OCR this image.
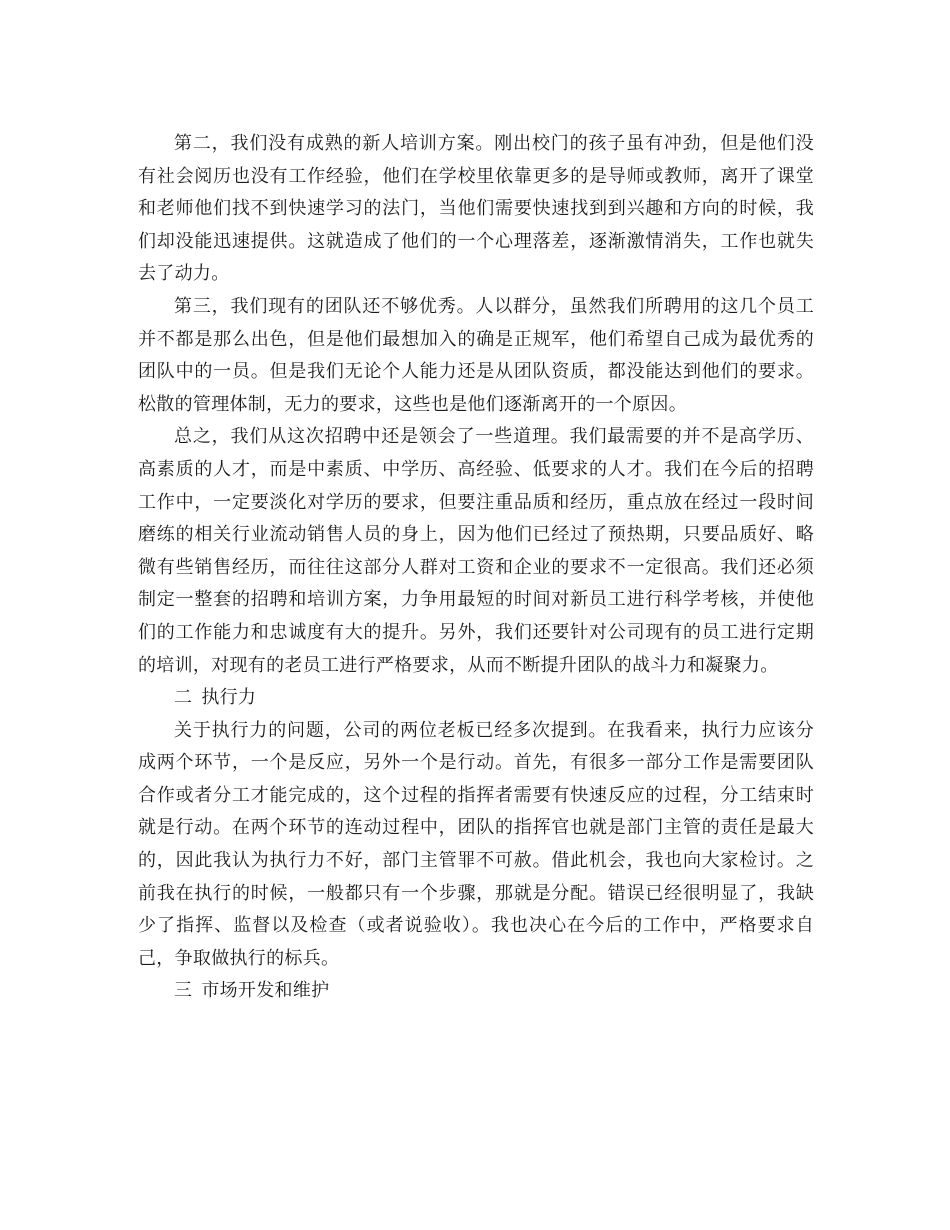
第二，我们没有成熟的新人培训方案。刚出校门的孩子虽有冲劲，但是他们没有社会阅历也没有工作经验，他们在学校里依靠更多的是导师或教师，离开了课堂和老师他们找不到快速学习的法门，当他们需要快速找到到兴趣和方向的时候，我们却没能迅速提供。这就造成了他们的一个心理落差，逐渐激情消失，工作也就失去了动力。

第三，我们现有的团队还不够优秀。人以群分，虽然我们所聘用的这几个员工并不都是那么出色，但是他们最想加入的确是正规军，他们希望自己成为最优秀的团队中的一员。但是我们无论个人能力还是从团队资质，都没能达到他们的要求。松散的管理体制，无力的要求，这些也是他们逐渐离开的一个原因。

总之，我们从这次招聘中还是领会了一些道理。我们最需要的并不是高学历、高素质的人才，而是中素质、中学历、高经验、低要求的人才。我们在今后的招聘工作中，一定要淡化对学历的要求，但要注重品质和经历，重点放在经过一段时间磨练的相关行业流动销售人员的身上，因为他们已经过了预热期，只要品质好、略微有些销售经历，而往往这部分人群对工资和企业的要求不一定很高。我们还必须制定一整套的招聘和培训方案，力争用最短的时间对新员工进行科学考核，并使他们的工作能力和忠诚度有大的提升。另外，我们还要针对公司现有的员工进行定期的培训，对现有的老员工进行严格要求，从而不断提升团队的战斗力和凝聚力。

二 执行力

关于执行力的问题，公司的两位老板已经多次提到。在我看来，执行力应该分成两个环节，一个是反应，另外一个是行动。首先，有很多一部分工作是需要团队合作或者分工才能完成的，这个过程的指挥者需要有快速反应的过程，分工结束时就是行动。在两个环节的连动过程中，团队的指挥官也就是部门主管的责任是最大的，因此我认为执行力不好，部门主管罪不可赦。借此机会，我也向大家检讨。之前我在执行的时候，一般都只有一个步骤，那就是分配。错误已经很明显了，我缺少了指挥、监督以及检查（或者说验收）。我也决心在今后的工作中，严格要求自己，争取做执行的标兵。

三 市场开发和维护
